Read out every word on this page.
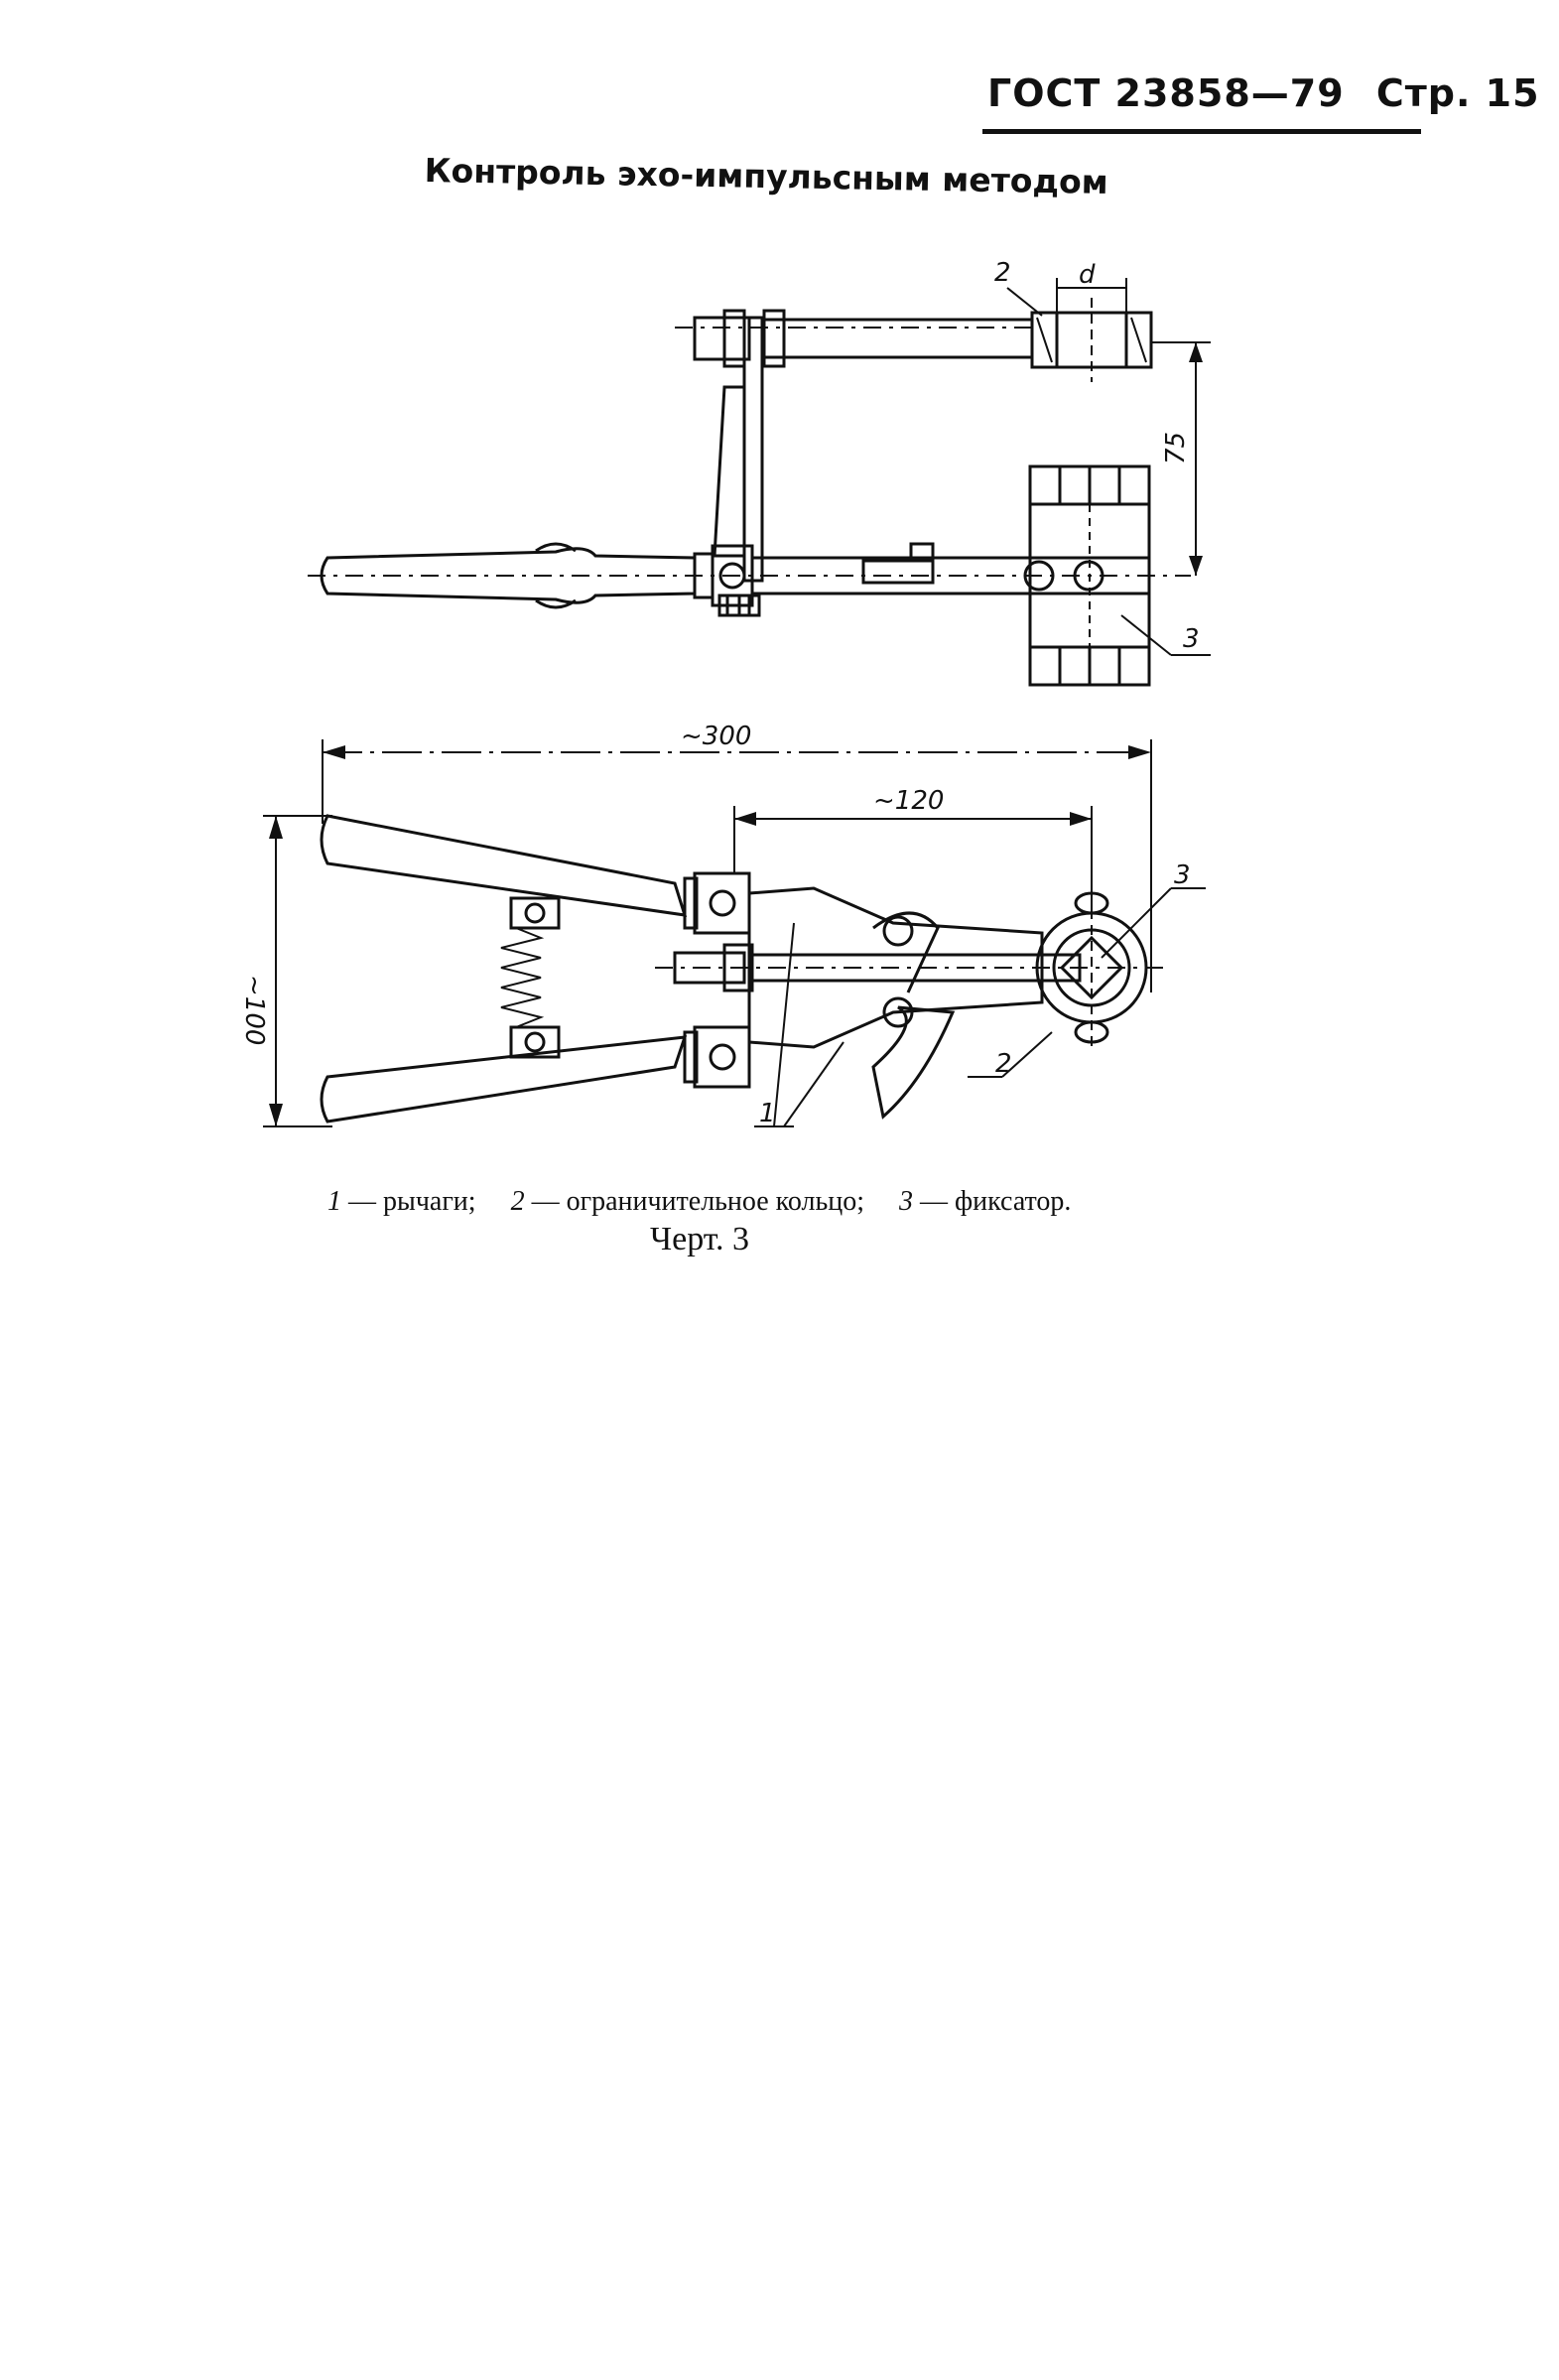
ГОСТ 23858—79 Стр. 15
Контроль эхо-импульсным методом
2	d
75
3
~300
~120
~100
3
2
1
1 — рычаги; 2 — ограничительное кольцо; 3 — фиксатор.
Черт. 3
